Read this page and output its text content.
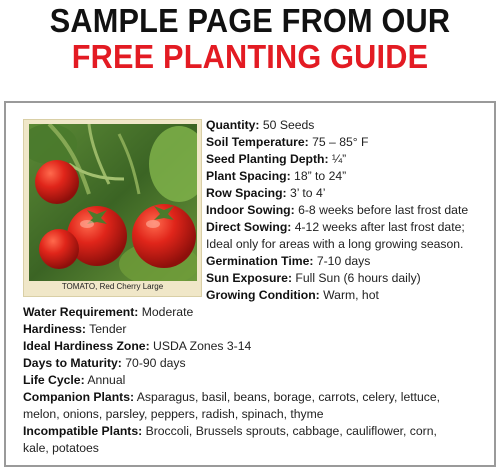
SAMPLE PAGE FROM OUR
FREE PLANTING GUIDE
TOMATO, Red Cherry Large
Quantity: 50 Seeds
Soil Temperature: 75 – 85° F
Seed Planting Depth: ¼”
Plant Spacing: 18” to 24”
Row Spacing: 3’ to 4’
Indoor Sowing: 6-8 weeks before last frost date
Direct Sowing: 4-12 weeks after last frost date;
Ideal only for areas with a long growing season.
Germination Time: 7-10 days
Sun Exposure: Full Sun (6 hours daily)
Growing Condition: Warm, hot
Water Requirement: Moderate
Hardiness: Tender
Ideal Hardiness Zone: USDA Zones 3-14
Days to Maturity: 70-90 days
Life Cycle: Annual
Companion Plants: Asparagus, basil, beans, borage, carrots, celery, lettuce,
melon, onions, parsley, peppers, radish, spinach, thyme
Incompatible Plants: Broccoli, Brussels sprouts, cabbage, cauliflower, corn,
kale, potatoes
